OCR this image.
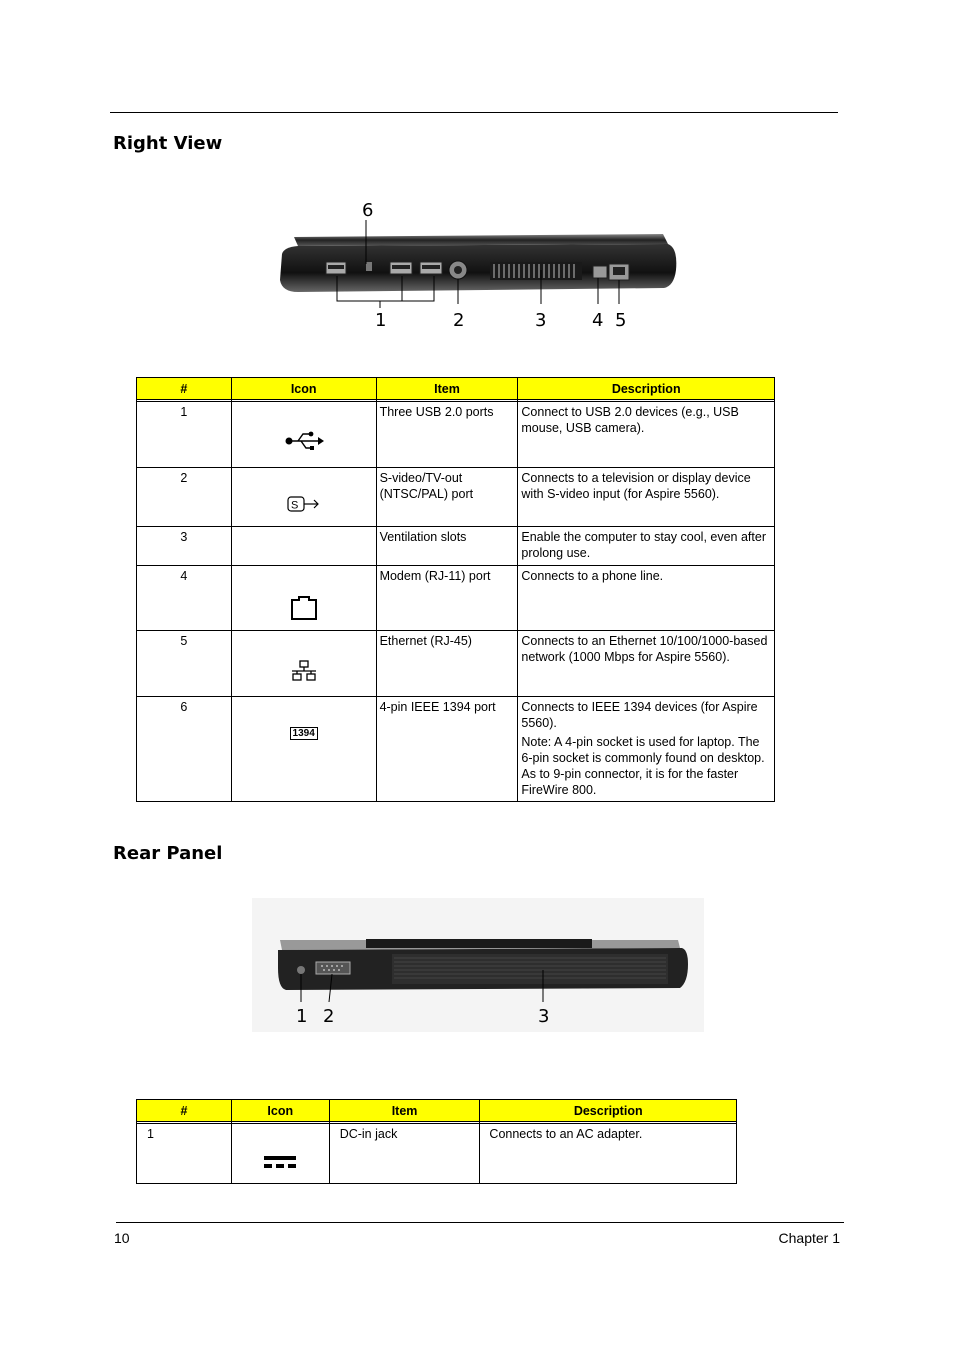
Right View
6
1	2	3	4 5
#	Icon	Item	Description

1		Three USB 2.0 ports	Connect to USB 2.0 devices (e.g., USB mouse, USB camera).

2	S	S-video/TV-out (NTSC/PAL) port	Connects to a television or display device with S-video input (for Aspire 5560).

3		Ventilation slots	Enable the computer to stay cool, even after prolong use.

4		Modem (RJ-11) port	Connects to a phone line.

5		Ethernet (RJ-45)	Connects to an Ethernet 10/100/1000-based network (1000 Mbps for Aspire 5560).

6	1394	4-pin IEEE 1394 port	Connects to IEEE 1394 devices (for Aspire 5560).

Note: A 4-pin socket is used for laptop. The 6-pin socket is commonly found on desktop. As to 9-pin connector, it is for the faster FireWire 800.

Rear Panel
1 2	3
#	Icon	Item	Description

1		DC-in jack	Connects to an AC adapter.

10	Chapter 1
